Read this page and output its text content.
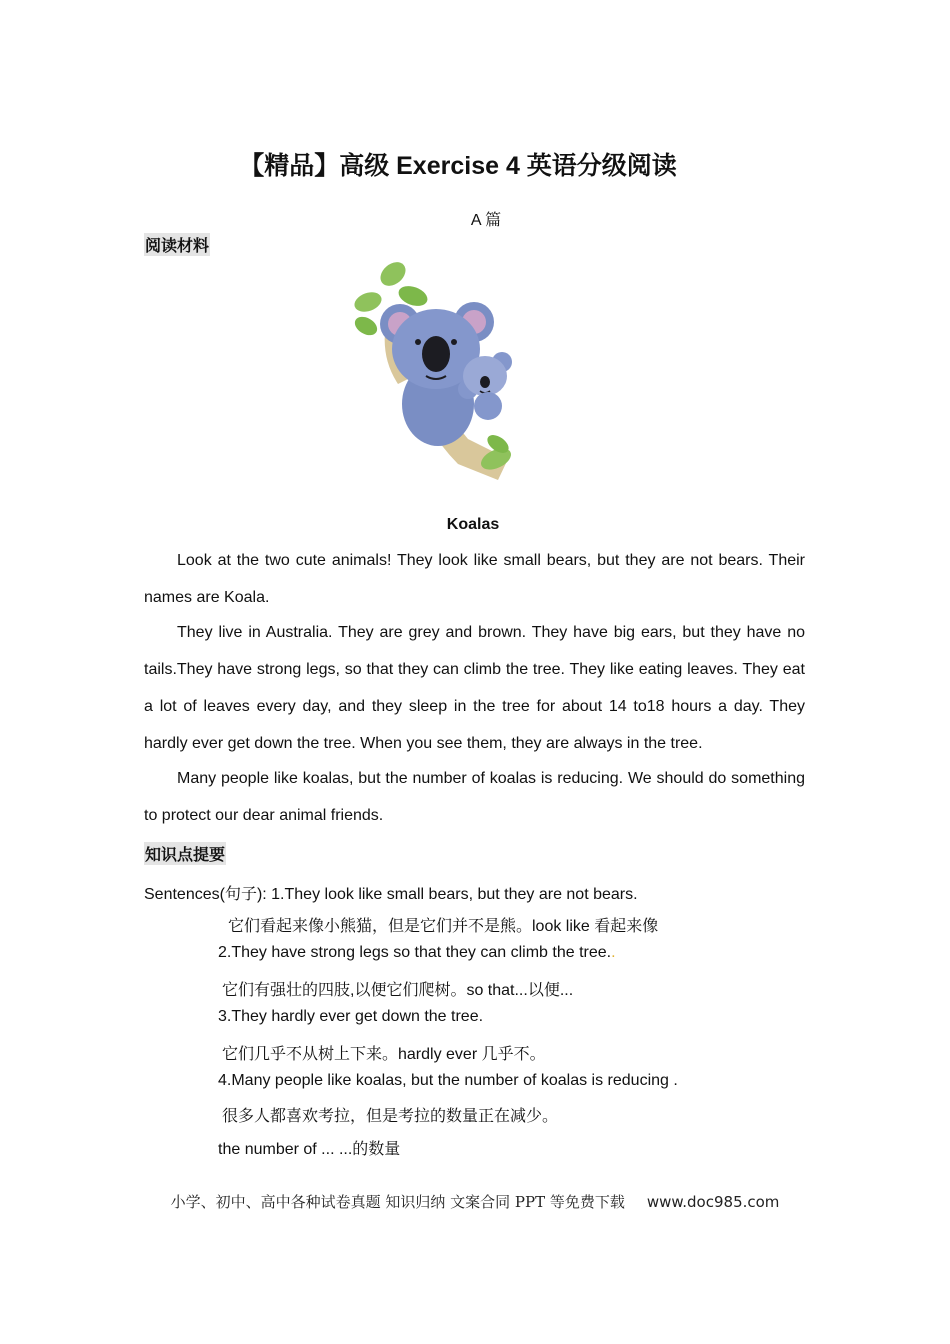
【精品】高级 Exercise 4 英语分级阅读
A 篇
阅读材料
Koalas

Look at the two cute animals! They look like small bears, but they are not bears. Their names are Koala.

They live in Australia. They are grey and brown. They have big ears, but they have no tails.They have strong legs, so that they can climb the tree. They like eating leaves. They eat a lot of leaves every day, and they sleep in the tree for about 14 to18 hours a day. They hardly ever get down the tree. When you see them, they are always in the tree.

Many people like koalas, but the number of koalas is reducing. We should do something to protect our dear animal friends.

知识点提要
Sentences(句子): 1.They look like small bears, but they are not bears.
它们看起来像小熊猫，但是它们并不是熊。look like 看起来像
2.They have strong legs so that they can climb the tree..
它们有强壮的四肢,以便它们爬树。so that...以便...
3.They hardly ever get down the tree.
它们几乎不从树上下来。hardly ever 几乎不。
4.Many people like koalas, but the number of koalas is reducing .
很多人都喜欢考拉，但是考拉的数量正在减少。
the number of ... ...的数量
小学、初中、高中各种试卷真题 知识归纳 文案合同 PPT 等免费下载 www.doc985.com
